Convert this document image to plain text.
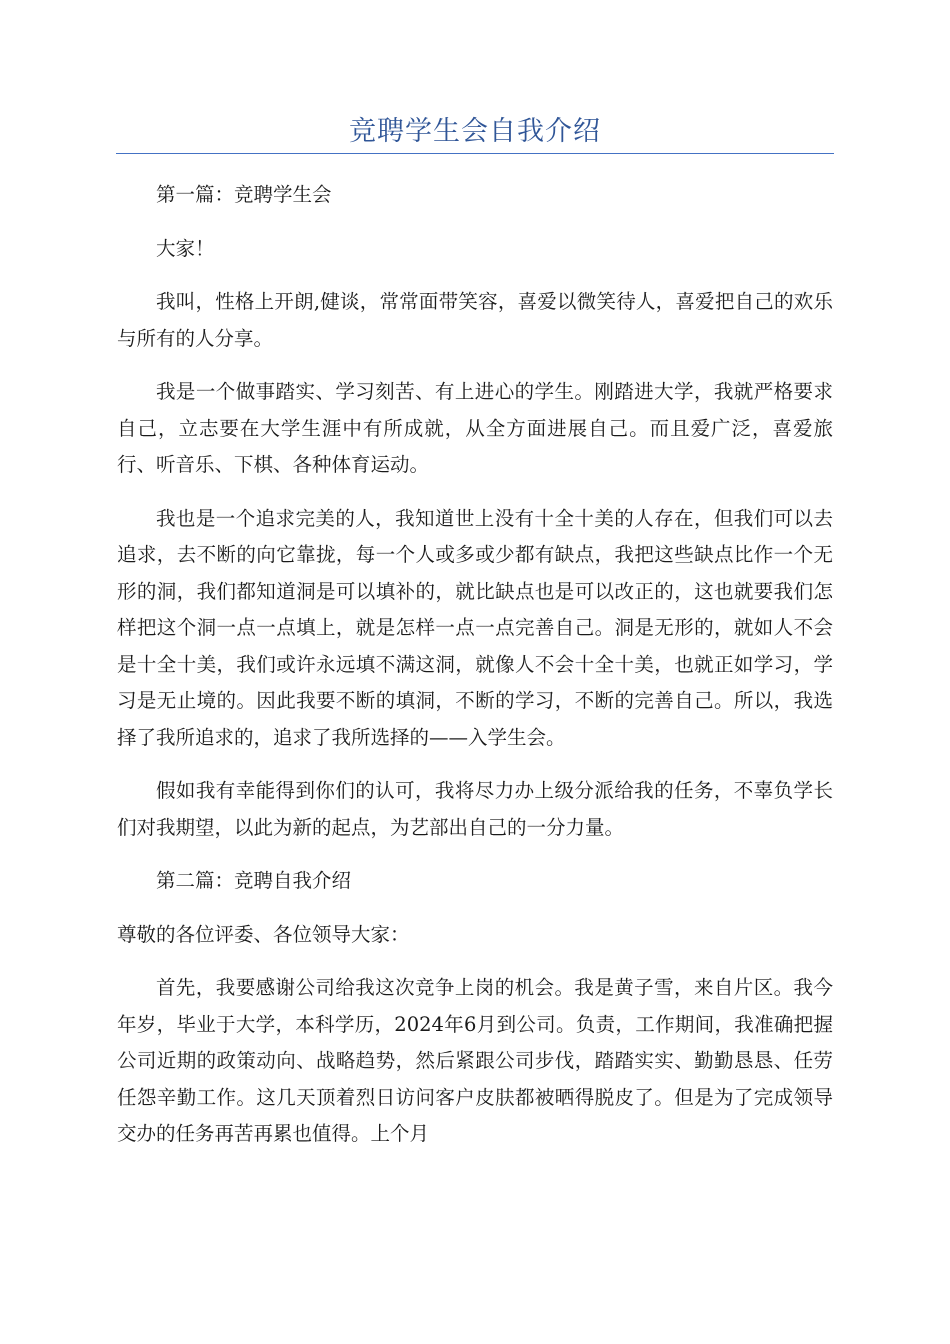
竞聘学生会自我介绍

第一篇：竞聘学生会

大家！

我叫，性格上开朗,健谈，常常面带笑容，喜爱以微笑待人，喜爱把自己的欢乐与所有的人分享。

我是一个做事踏实、学习刻苦、有上进心的学生。刚踏进大学，我就严格要求自己，立志要在大学生涯中有所成就，从全方面进展自己。而且爱广泛，喜爱旅行、听音乐、下棋、各种体育运动。

我也是一个追求完美的人，我知道世上没有十全十美的人存在，但我们可以去追求，去不断的向它靠拢，每一个人或多或少都有缺点，我把这些缺点比作一个无形的洞，我们都知道洞是可以填补的，就比缺点也是可以改正的，这也就要我们怎样把这个洞一点一点填上，就是怎样一点一点完善自己。洞是无形的，就如人不会是十全十美，我们或许永远填不满这洞，就像人不会十全十美，也就正如学习，学习是无止境的。因此我要不断的填洞，不断的学习，不断的完善自己。所以，我选择了我所追求的，追求了我所选择的——入学生会。

假如我有幸能得到你们的认可，我将尽力办上级分派给我的任务，不辜负学长们对我期望，以此为新的起点，为艺部出自己的一分力量。

第二篇：竞聘自我介绍

尊敬的各位评委、各位领导大家：

首先，我要感谢公司给我这次竞争上岗的机会。我是黄子雪，来自片区。我今年岁，毕业于大学，本科学历，2024年6月到公司。负责，工作期间，我准确把握公司近期的政策动向、战略趋势，然后紧跟公司步伐，踏踏实实、勤勤恳恳、任劳任怨辛勤工作。这几天顶着烈日访问客户皮肤都被晒得脱皮了。但是为了完成领导交办的任务再苦再累也值得。上个月
